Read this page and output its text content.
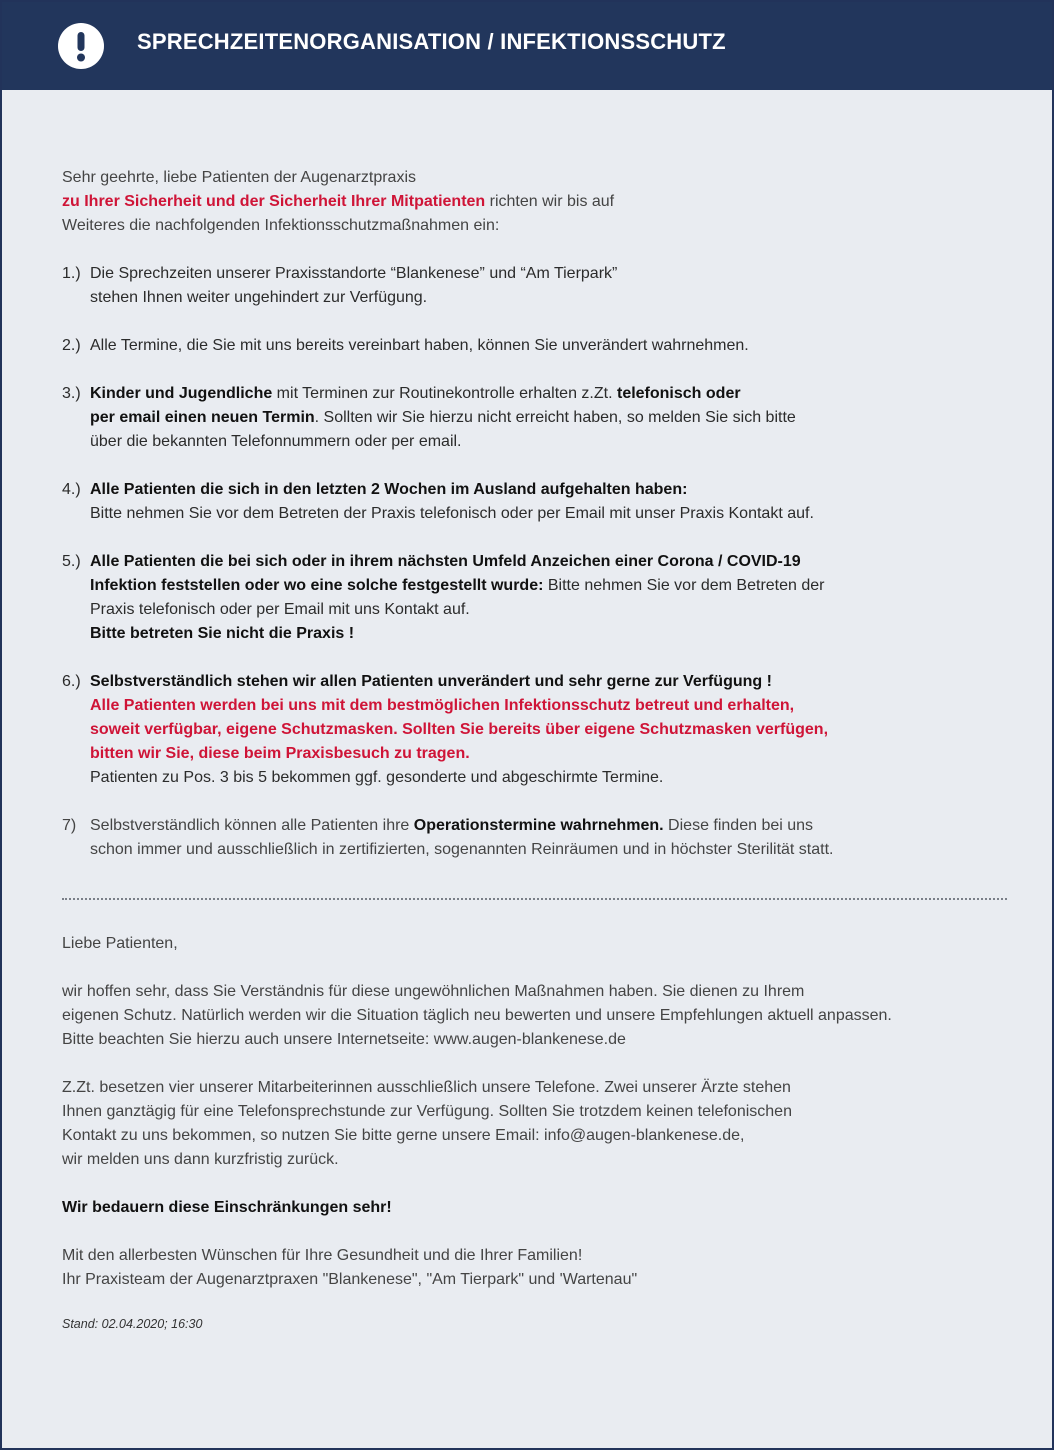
SPRECHZEITENORGANISATION / INFEKTIONSSCHUTZ
Sehr geehrte, liebe Patienten der Augenarztpraxis
zu Ihrer Sicherheit und der Sicherheit Ihrer Mitpatienten richten wir bis auf
Weiteres die nachfolgenden Infektionsschutzmaßnahmen ein:
1.) Die Sprechzeiten unserer Praxisstandorte “Blankenese” und “Am Tierpark”
stehen Ihnen weiter ungehindert zur Verfügung.
2.) Alle Termine, die Sie mit uns bereits vereinbart haben, können Sie unverändert wahrnehmen.
3.) Kinder und Jugendliche mit Terminen zur Routinekontrolle erhalten z.Zt. telefonisch oder
per email einen neuen Termin. Sollten wir Sie hierzu nicht erreicht haben, so melden Sie sich bitte
über die bekannten Telefonnummern oder per email.
4.) Alle Patienten die sich in den letzten 2 Wochen im Ausland aufgehalten haben:
Bitte nehmen Sie vor dem Betreten der Praxis telefonisch oder per Email mit unser Praxis Kontakt auf.
5.) Alle Patienten die bei sich oder in ihrem nächsten Umfeld Anzeichen einer Corona / COVID-19
Infektion feststellen oder wo eine solche festgestellt wurde: Bitte nehmen Sie vor dem Betreten der
Praxis telefonisch oder per Email mit uns Kontakt auf.
Bitte betreten Sie nicht die Praxis !
6.) Selbstverständlich stehen wir allen Patienten unverändert und sehr gerne zur Verfügung !
Alle Patienten werden bei uns mit dem bestmöglichen Infektionsschutz betreut und erhalten,
soweit verfügbar, eigene Schutzmasken. Sollten Sie bereits über eigene Schutzmasken verfügen,
bitten wir Sie, diese beim Praxisbesuch zu tragen.
Patienten zu Pos. 3 bis 5 bekommen ggf. gesonderte und abgeschirmte Termine.
7) Selbstverständlich können alle Patienten ihre Operationstermine wahrnehmen. Diese finden bei uns
schon immer und ausschließlich in zertifizierten, sogenannten Reinräumen und in höchster Sterilität statt.
Liebe Patienten,
wir hoffen sehr, dass Sie Verständnis für diese ungewöhnlichen Maßnahmen haben. Sie dienen zu Ihrem
eigenen Schutz. Natürlich werden wir die Situation täglich neu bewerten und unsere Empfehlungen aktuell anpassen.
Bitte beachten Sie hierzu auch unsere Internetseite: www.augen-blankenese.de
Z.Zt. besetzen vier unserer Mitarbeiterinnen ausschließlich unsere Telefone. Zwei unserer Ärzte stehen
Ihnen ganztägig für eine Telefonsprechstunde zur Verfügung. Sollten Sie trotzdem keinen telefonischen
Kontakt zu uns bekommen, so nutzen Sie bitte gerne unsere Email: info@augen-blankenese.de,
wir melden uns dann kurzfristig zurück.
Wir bedauern diese Einschränkungen sehr!
Mit den allerbesten Wünschen für Ihre Gesundheit und die Ihrer Familien!
Ihr Praxisteam der Augenarztpraxen "Blankenese", "Am Tierpark" und 'Wartenau"
Stand: 02.04.2020; 16:30
